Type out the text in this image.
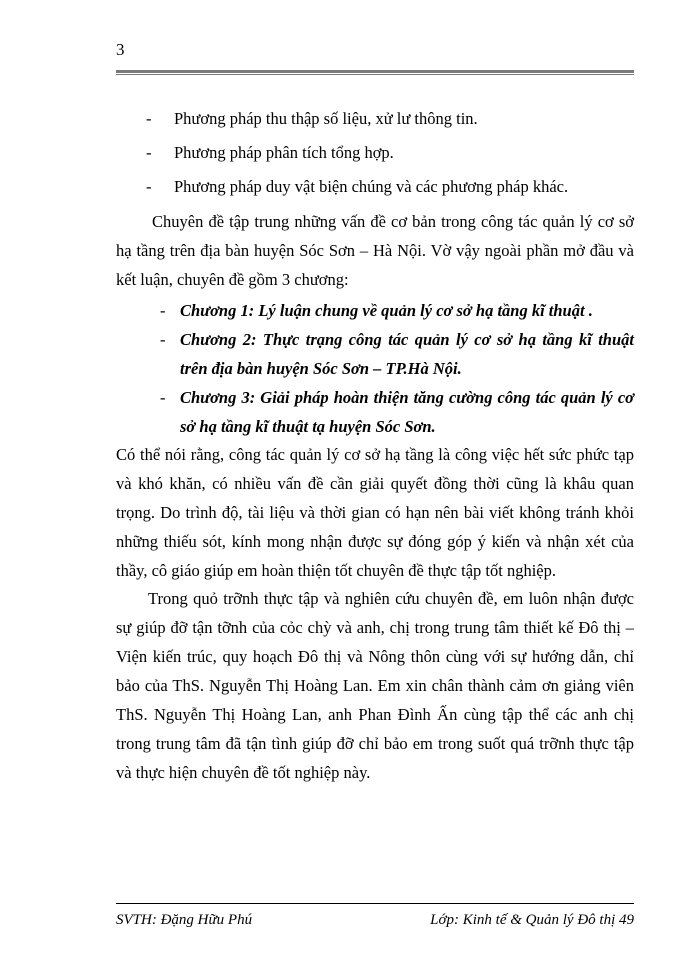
3
-	Phương pháp thu thập số liệu, xử lư thông tin.
-	Phương pháp phân tích tổng hợp.
-	Phương pháp duy vật biện chúng và các phương pháp khác.

Chuyên đề tập trung những vấn đề cơ bản trong công tác quản lý cơ sở hạ tầng trên địa bàn huyện Sóc Sơn – Hà Nội. Vờ vậy ngoài phần mở đầu và kết luận, chuyên đề gồm 3 chương:

- Chương 1: Lý luận chung về quản lý cơ sở hạ tầng kĩ thuật .
- Chương 2: Thực trạng công tác quản lý cơ sở hạ tầng kĩ thuật trên địa bàn huyện Sóc Sơn – TP.Hà Nội.
- Chương 3: Giải pháp hoàn thiện tăng cường công tác quản lý cơ sở hạ tầng kĩ thuật tạ huyện Sóc Sơn.

Có thể nói rằng, công tác quản lý cơ sở hạ tầng là công việc hết sức phức tạp và khó khăn, có nhiều vấn đề cần giải quyết đồng thời cũng là khâu quan trọng. Do trình độ, tài liệu và thời gian có hạn nên bài viết không tránh khỏi những thiếu sót, kính mong nhận được sự đóng góp ý kiến và nhận xét của thầy, cô giáo giúp em hoàn thiện tốt chuyên đề thực tập tốt nghiệp.

Trong quỏ trỡnh thực tập và nghiên cứu chuyên đề, em luôn nhận được sự giúp đỡ tận tỡnh của cỏc chỳ và anh, chị trong trung tâm thiết kế Đô thị – Viện kiến trúc, quy hoạch Đô thị và Nông thôn cùng với sự hướng dẫn, chỉ bảo của ThS. Nguyễn Thị Hoàng Lan. Em xin chân thành cảm ơn giảng viên ThS. Nguyễn Thị Hoàng Lan, anh Phan Đình Ấn cùng tập thể các anh chị trong trung tâm đã tận tình giúp đỡ chỉ bảo em trong suốt quá trỡnh thực tập và thực hiện chuyên đề tốt nghiệp này.

SVTH: Đặng Hữu Phú	Lớp: Kinh tế & Quản lý Đô thị 49
